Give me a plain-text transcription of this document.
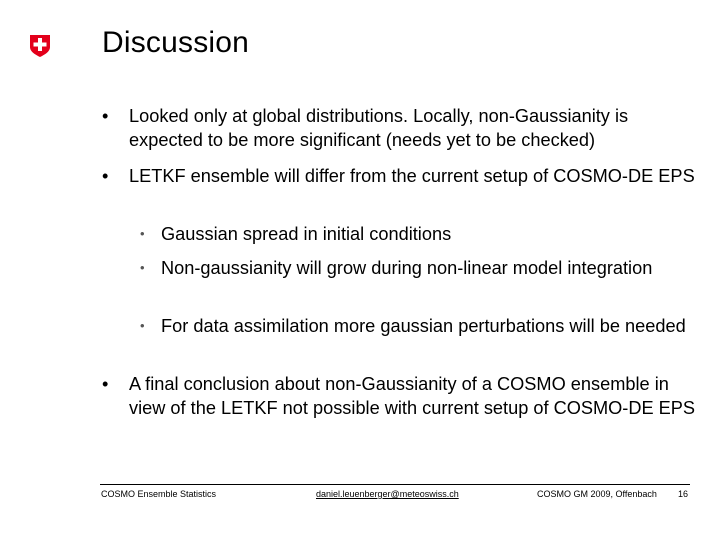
Discussion
• Looked only at global distributions. Locally, non-Gaussianity is expected to be more significant (needs yet to be checked)
• LETKF ensemble will differ from the current setup of COSMO-DE EPS
• Gaussian spread in initial conditions
• Non-gaussianity will grow during non-linear model integration
• For data assimilation more gaussian perturbations will be needed
• A final conclusion about non-Gaussianity of a COSMO ensemble in view of the LETKF not possible with current setup of COSMO-DE EPS
COSMO Ensemble Statistics	daniel.leuenberger@meteoswiss.ch	COSMO GM 2009, Offenbach 16
